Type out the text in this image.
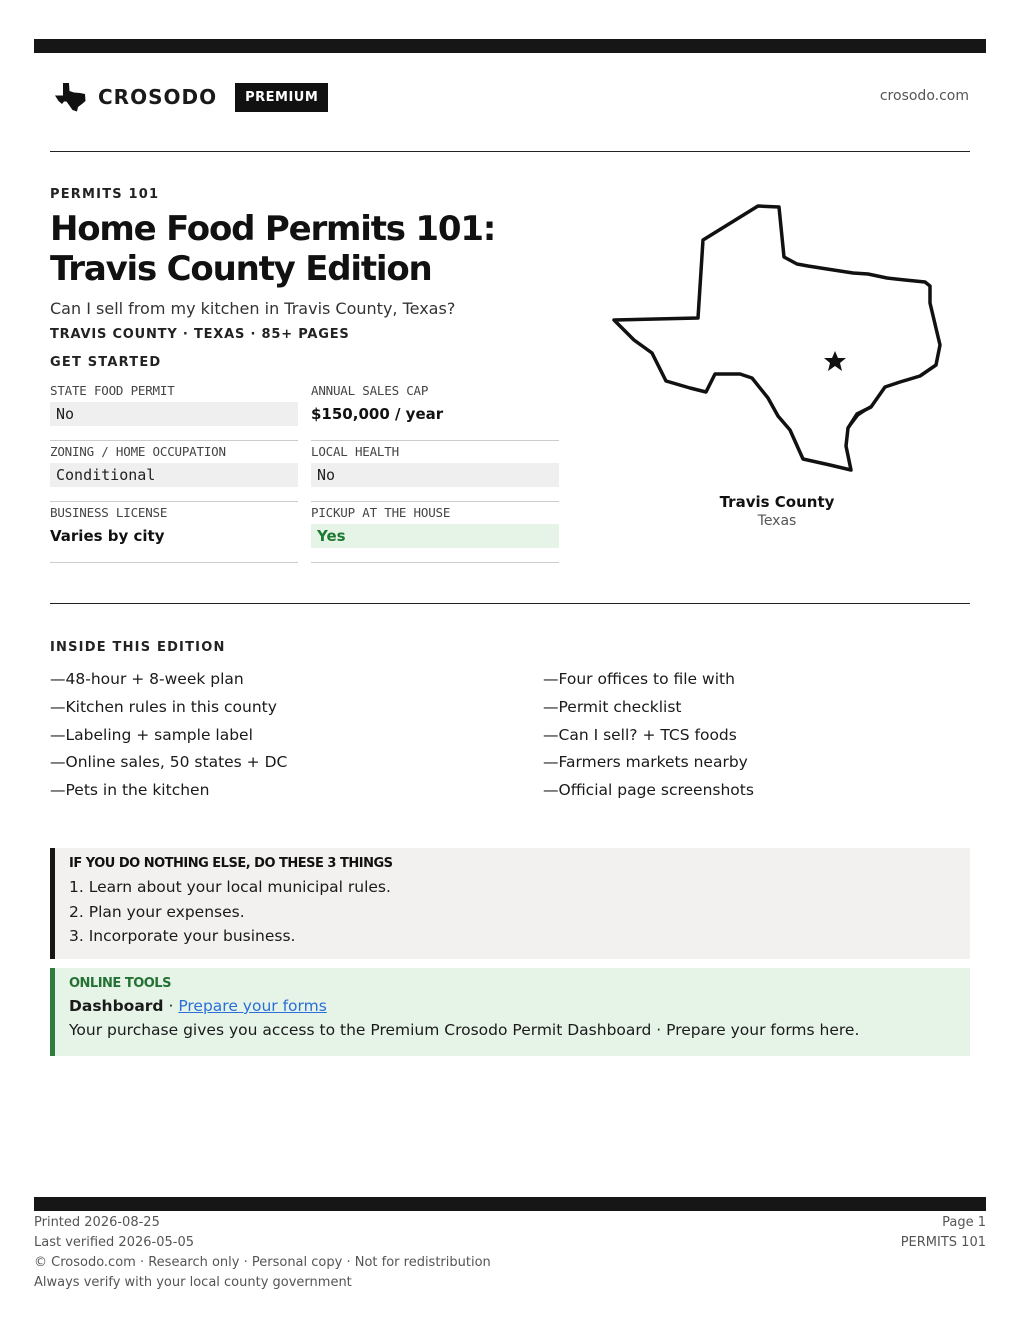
CROSODO	PREMIUM	crosodo.com
PERMITS 101
Home Food Permits 101: Travis County Edition
Can I sell from my kitchen in Travis County, Texas?
TRAVIS COUNTY · TEXAS · 85+ PAGES
GET STARTED
STATE FOOD PERMIT
No
ANNUAL SALES CAP
$150,000 / year
ZONING / HOME OCCUPATION
Conditional
LOCAL HEALTH
No
BUSINESS LICENSE
Varies by city
PICKUP AT THE HOUSE
Yes
Travis County
Texas
INSIDE THIS EDITION
—48-hour + 8-week plan
—Kitchen rules in this county
—Labeling + sample label
—Online sales, 50 states + DC
—Pets in the kitchen
—Four offices to file with
—Permit checklist
—Can I sell? + TCS foods
—Farmers markets nearby
—Official page screenshots
IF YOU DO NOTHING ELSE, DO THESE 3 THINGS
1. Learn about your local municipal rules.
2. Plan your expenses.
3. Incorporate your business.
ONLINE TOOLS
Dashboard · Prepare your forms
Your purchase gives you access to the Premium Crosodo Permit Dashboard · Prepare your forms here.
Printed 2026-08-25
Last verified 2026-05-05
© Crosodo.com · Research only · Personal copy · Not for redistribution
Always verify with your local county government
Page 1
PERMITS 101
